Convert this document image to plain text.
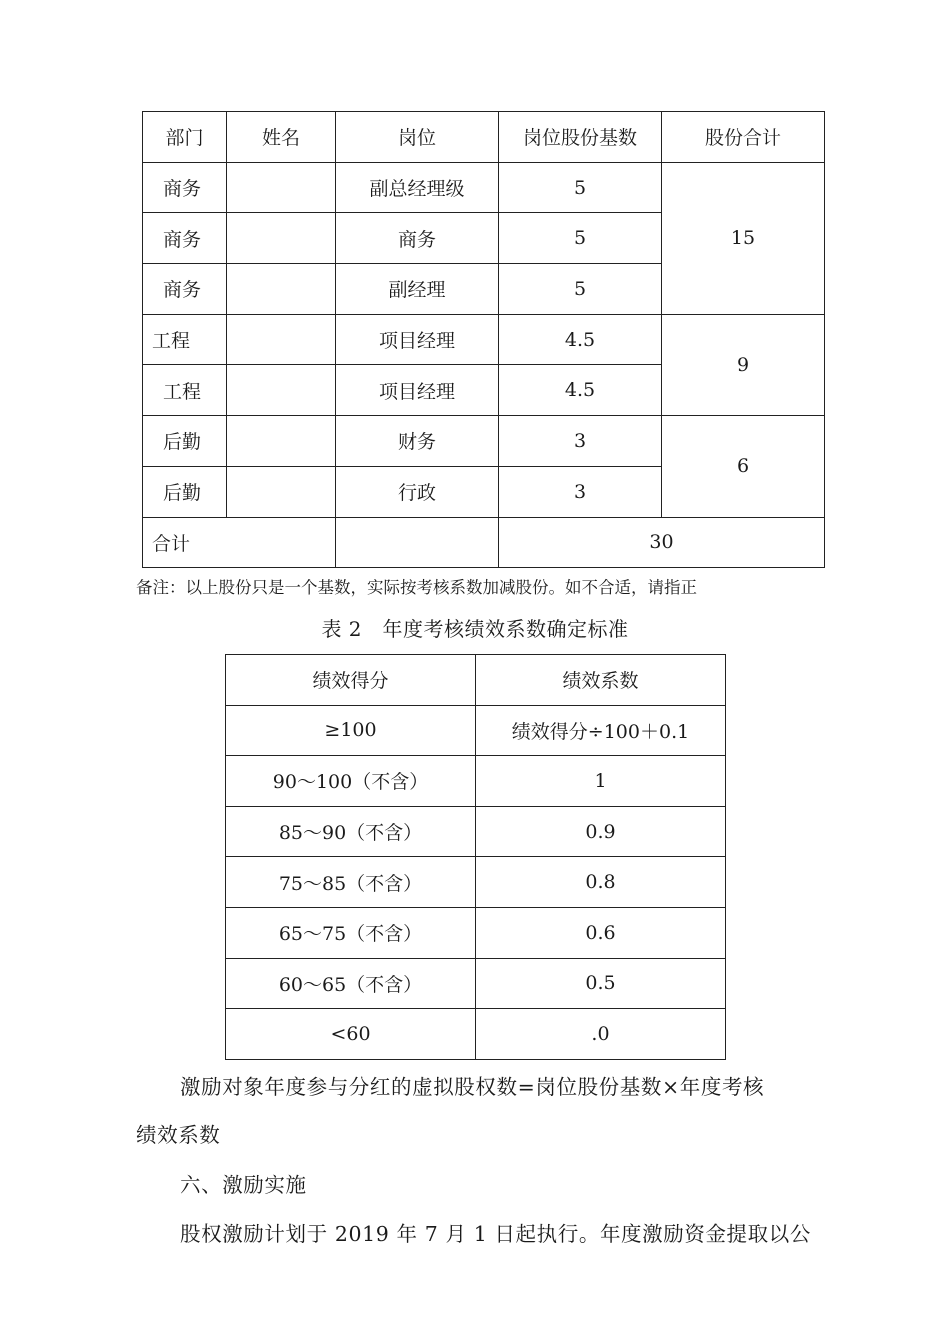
部门	姓名	岗位	岗位股份基数	股份合计
商务		副总经理级	5	15
商务		商务	5	
商务		副经理	5	
工程		项目经理	4.5	9
工程		项目经理	4.5	
后勤		财务	3	6
后勤		行政	3	
合计			30	
备注：以上股份只是一个基数，实际按考核系数加减股份。如不合适，请指正
表 2　年度考核绩效系数确定标准
绩效得分	绩效系数
≥100	绩效得分÷100＋0.1
90～100（不含）	1
85～90（不含）	0.9
75～85（不含）	0.8
65～75（不含）	0.6
60～65（不含）	0.5
<60	.0
激励对象年度参与分红的虚拟股权数=岗位股份基数×年度考核
绩效系数
六、激励实施
股权激励计划于 2019 年 7 月 1 日起执行。年度激励资金提取以公
